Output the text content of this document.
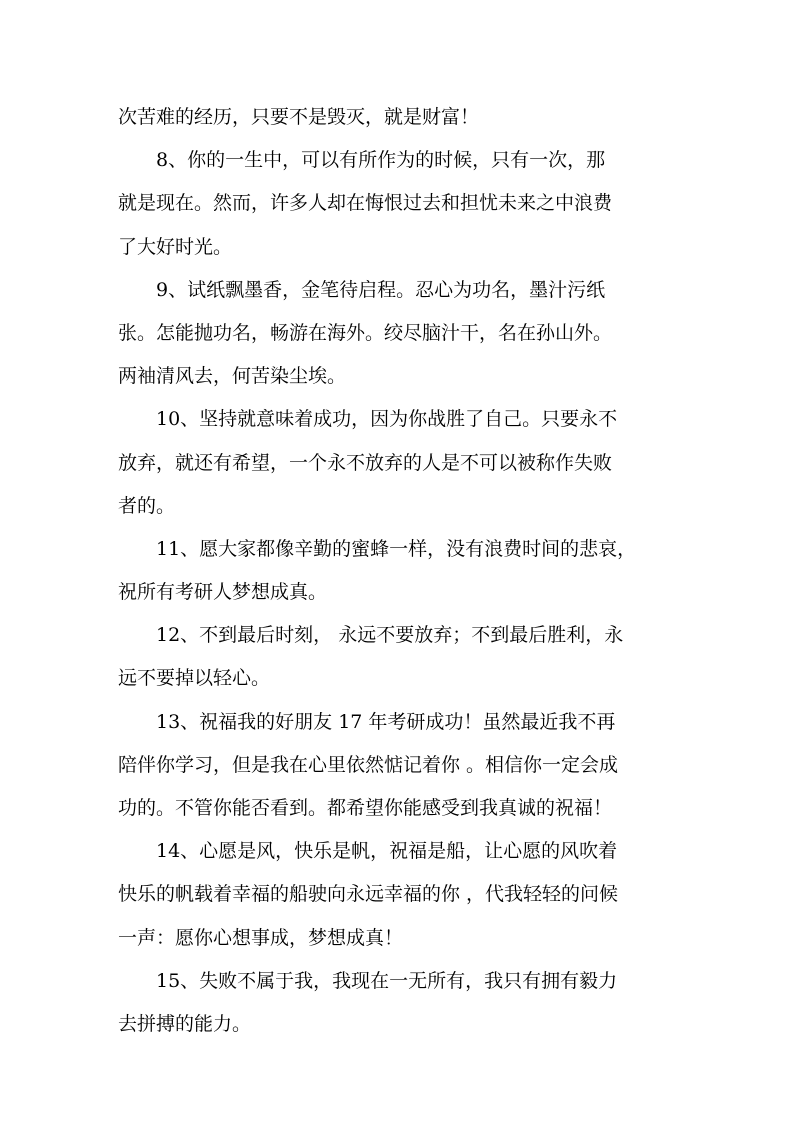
次苦难的经历，只要不是毁灭，就是财富！
8、你的一生中，可以有所作为的时候，只有一次，那
就是现在。然而，许多人却在悔恨过去和担忧未来之中浪费
了大好时光。
9、试纸飘墨香，金笔待启程。忍心为功名，墨汁污纸
张。怎能抛功名，畅游在海外。绞尽脑汁干，名在孙山外。
两袖清风去，何苦染尘埃。
10、坚持就意味着成功，因为你战胜了自己。只要永不
放弃，就还有希望，一个永不放弃的人是不可以被称作失败
者的。
11、愿大家都像辛勤的蜜蜂一样，没有浪费时间的悲哀，
祝所有考研人梦想成真。
12、不到最后时刻， 永远不要放弃；不到最后胜利，永
远不要掉以轻心。
13、祝福我的好朋友 17 年考研成功！虽然最近我不再
陪伴你学习，但是我在心里依然惦记着你 。相信你一定会成
功的。不管你能否看到。都希望你能感受到我真诚的祝福！
14、心愿是风，快乐是帆，祝福是船，让心愿的风吹着
快乐的帆载着幸福的船驶向永远幸福的你 ，代我轻轻的问候
一声：愿你心想事成，梦想成真！
15、失败不属于我，我现在一无所有，我只有拥有毅力
去拼搏的能力。
